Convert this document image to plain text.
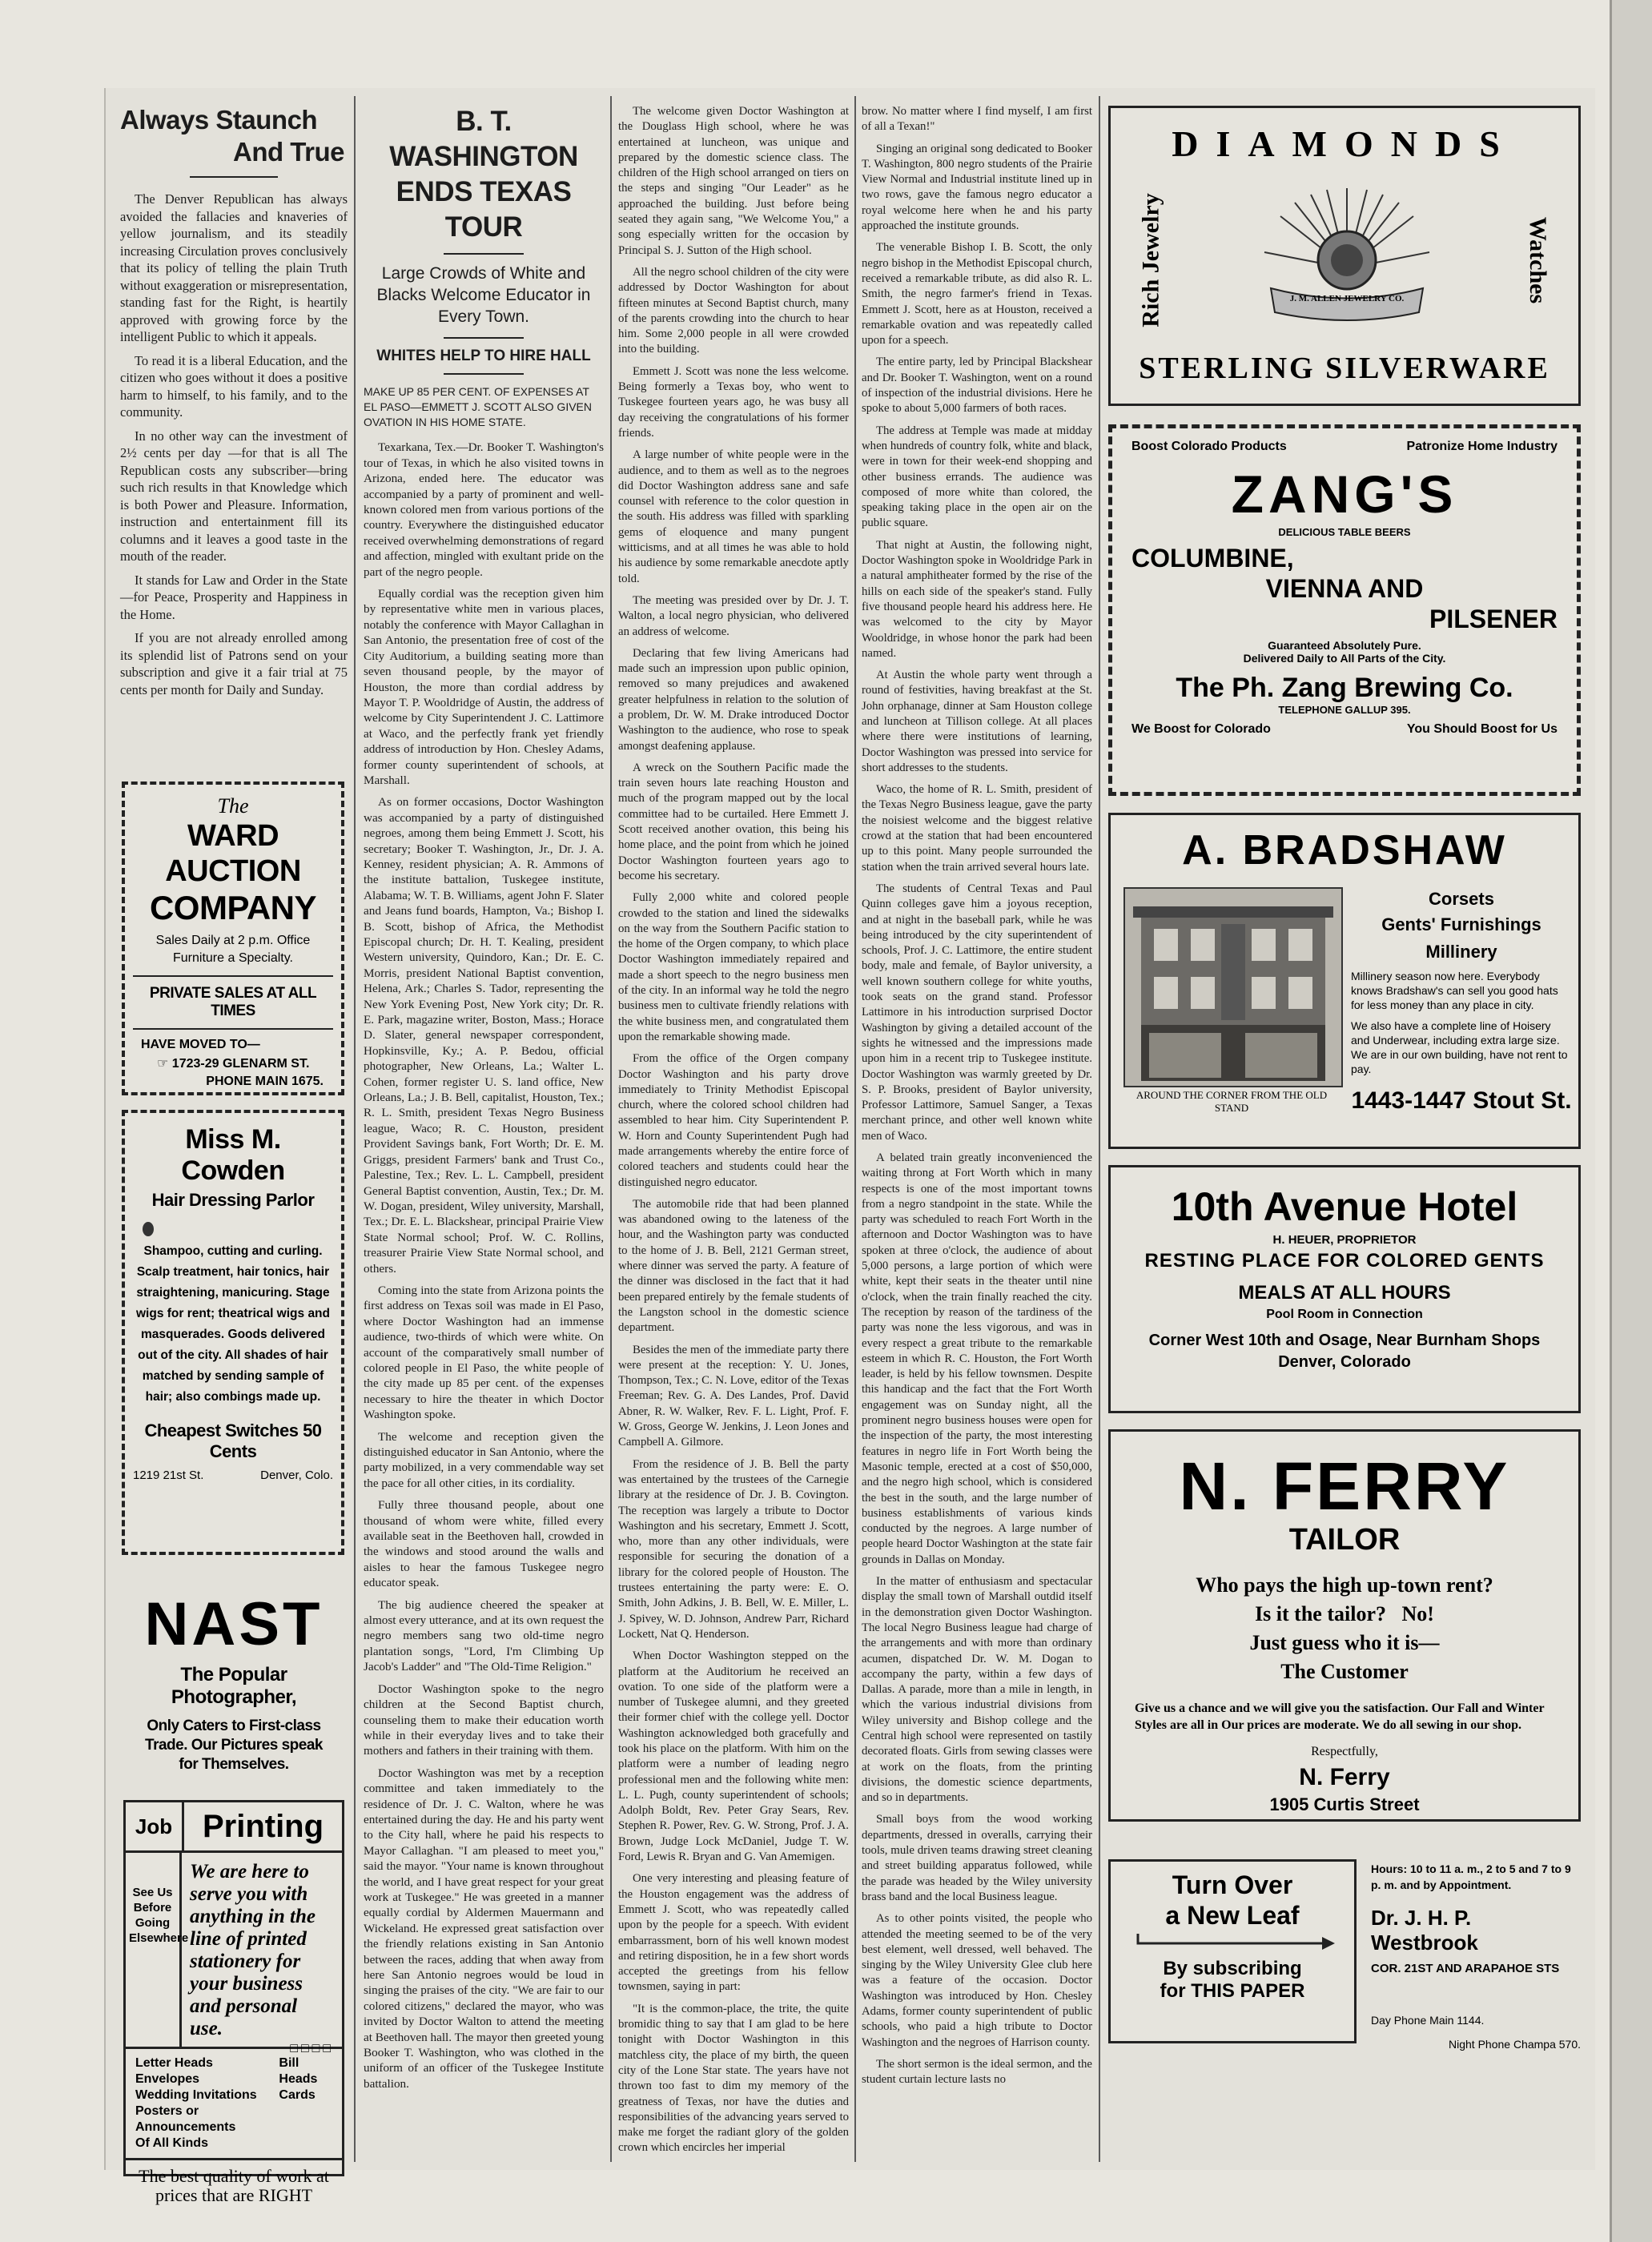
Always Staunch
And True

The Denver Republican has always avoided the fallacies and knaveries of yellow journalism, and its steadily increasing Circulation proves conclusively that its policy of telling the plain Truth without exaggeration or misrepresentation, standing fast for the Right, is heartily approved with growing force by the intelligent Public to which it appeals.

To read it is a liberal Education, and the citizen who goes without it does a positive harm to himself, to his family, and to the community.

In no other way can the investment of 2½ cents per day —for that is all The Republican costs any subscriber—bring such rich results in that Knowledge which is both Power and Pleasure. Information, instruction and entertainment fill its columns and it leaves a good taste in the mouth of the reader.

It stands for Law and Order in the State—for Peace, Prosperity and Happiness in the Home.

If you are not already enrolled among its splendid list of Patrons send on your subscription and give it a fair trial at 75 cents per month for Daily and Sunday.

The
WARD AUCTION
COMPANY
Sales Daily at 2 p.m. Office Furniture a Specialty.
PRIVATE SALES AT ALL TIMES
HAVE MOVED TO—
☞ 1723-29 GLENARM ST.
PHONE MAIN 1675.
Miss M. Cowden
Hair Dressing Parlor
Shampoo, cutting and curling. Scalp treatment, hair tonics, hair straightening, manicuring. Stage wigs for rent; theatrical wigs and masquerades. Goods delivered out of the city. All shades of hair matched by sending sample of hair; also combings made up.
Cheapest Switches 50 Cents
1219 21st St.	Denver, Colo.
NAST
The Popular Photographer,
Only Caters to First-class Trade. Our Pictures speak for Themselves.
Job Printing
See Us Before Going Elsewhere
We are here to serve you with anything in the line of printed stationery for your business and personal use.
□□□□
Letter Heads
Envelopes
Wedding Invitations
Posters or Announcements
Of All Kinds
Bill Heads
Cards
The best quality of work at prices that are RIGHT
B. T. WASHINGTON
ENDS TEXAS TOUR
Large Crowds of White and Blacks Welcome Educator in Every Town.
WHITES HELP TO HIRE HALL
MAKE UP 85 PER CENT. OF EXPENSES AT EL PASO—EMMETT J. SCOTT ALSO GIVEN OVATION IN HIS HOME STATE.

Texarkana, Tex.—Dr. Booker T. Washington's tour of Texas, in which he also visited towns in Arizona, ended here. The educator was accompanied by a party of prominent and well-known colored men from various portions of the country. Everywhere the distinguished educator received overwhelming demonstrations of regard and affection, mingled with exultant pride on the part of the negro people.

Equally cordial was the reception given him by representative white men in various places, notably the conference with Mayor Callaghan in San Antonio, the presentation free of cost of the City Auditorium, a building seating more than seven thousand people, by the mayor of Houston, the more than cordial address by Mayor T. P. Wooldridge of Austin, the address of welcome by City Superintendent J. C. Lattimore at Waco, and the perfectly frank yet friendly address of introduction by Hon. Chesley Adams, former county superintendent of schools, at Marshall.

As on former occasions, Doctor Washington was accompanied by a party of distinguished negroes, among them being Emmett J. Scott, his secretary; Booker T. Washington, Jr., Dr. J. A. Kenney, resident physician; A. R. Ammons of the institute battalion, Tuskegee institute, Alabama; W. T. B. Williams, agent John F. Slater and Jeans fund boards, Hampton, Va.; Bishop I. B. Scott, bishop of Africa, the Methodist Episcopal church; Dr. H. T. Kealing, president Western university, Quindoro, Kan.; Dr. E. C. Morris, president National Baptist convention, Helena, Ark.; Charles S. Tador, representing the New York Evening Post, New York city; Dr. R. E. Park, magazine writer, Boston, Mass.; Horace D. Slater, general newspaper correspondent, Hopkinsville, Ky.; A. P. Bedou, official photographer, New Orleans, La.; Walter L. Cohen, former register U. S. land office, New Orleans, La.; J. B. Bell, capitalist, Houston, Tex.; R. L. Smith, president Texas Negro Business league, Waco; R. C. Houston, president Provident Savings bank, Fort Worth; Dr. E. M. Griggs, president Farmers' bank and Trust Co., Palestine, Tex.; Rev. L. L. Campbell, president General Baptist convention, Austin, Tex.; Dr. M. W. Dogan, president, Wiley university, Marshall, Tex.; Dr. E. L. Blackshear, principal Prairie View State Normal school; Prof. W. C. Rollins, treasurer Prairie View State Normal school, and others.

Coming into the state from Arizona points the first address on Texas soil was made in El Paso, where Doctor Washington had an immense audience, two-thirds of which were white. On account of the comparatively small number of colored people in El Paso, the white people of the city made up 85 per cent. of the expenses necessary to hire the theater in which Doctor Washington spoke.

The welcome and reception given the distinguished educator in San Antonio, where the party mobilized, in a very commendable way set the pace for all other cities, in its cordiality.

Fully three thousand people, about one thousand of whom were white, filled every available seat in the Beethoven hall, crowded in the windows and stood around the walls and aisles to hear the famous Tuskegee negro educator speak.

The big audience cheered the speaker at almost every utterance, and at its own request the negro members sang two old-time negro plantation songs, "Lord, I'm Climbing Up Jacob's Ladder" and "The Old-Time Religion."

Doctor Washington spoke to the negro children at the Second Baptist church, counseling them to make their education worth while in their everyday lives and to take their mothers and fathers in their training with them.

Doctor Washington was met by a reception committee and taken immediately to the residence of Dr. J. C. Walton, where he was entertained during the day. He and his party went to the City hall, where he paid his respects to Mayor Callaghan. "I am pleased to meet you," said the mayor. "Your name is known throughout the world, and I have great respect for your great work at Tuskegee." He was greeted in a manner equally cordial by Aldermen Mauermann and Wickeland. He expressed great satisfaction over the friendly relations existing in San Antonio between the races, adding that when away from here San Antonio negroes would be loud in singing the praises of the city. "We are fair to our colored citizens," declared the mayor, who was invited by Doctor Walton to attend the meeting at Beethoven hall. The mayor then greeted young Booker T. Washington, who was clothed in the uniform of an officer of the Tuskegee Institute battalion.

The welcome given Doctor Washington at the Douglass High school, where he was entertained at luncheon, was unique and prepared by the domestic science class. The children of the High school arranged on tiers on the steps and singing "Our Leader" as he approached the building. Just before being seated they again sang, "We Welcome You," a song especially written for the occasion by Principal S. J. Sutton of the High school.

All the negro school children of the city were addressed by Doctor Washington for about fifteen minutes at Second Baptist church, many of the parents crowding into the church to hear him. Some 2,000 people in all were crowded into the building.

Emmett J. Scott was none the less welcome. Being formerly a Texas boy, who went to Tuskegee fourteen years ago, he was busy all day receiving the congratulations of his former friends.

A large number of white people were in the audience, and to them as well as to the negroes did Doctor Washington address sane and safe counsel with reference to the color question in the south. His address was filled with sparkling gems of eloquence and many pungent witticisms, and at all times he was able to hold his audience by some remarkable anecdote aptly told.

The meeting was presided over by Dr. J. T. Walton, a local negro physician, who delivered an address of welcome.

Declaring that few living Americans had made such an impression upon public opinion, removed so many prejudices and awakened greater helpfulness in relation to the solution of a problem, Dr. W. M. Drake introduced Doctor Washington to the audience, who rose to speak amongst deafening applause.

A wreck on the Southern Pacific made the train seven hours late reaching Houston and much of the program mapped out by the local committee had to be curtailed. Here Emmett J. Scott received another ovation, this being his home place, and the point from which he joined Doctor Washington fourteen years ago to become his secretary.

Fully 2,000 white and colored people crowded to the station and lined the sidewalks on the way from the Southern Pacific station to the home of the Orgen company, to which place Doctor Washington immediately repaired and made a short speech to the negro business men of the city. In an informal way he told the negro business men to cultivate friendly relations with the white business men, and congratulated them upon the remarkable showing made.

From the office of the Orgen company Doctor Washington and his party drove immediately to Trinity Methodist Episcopal church, where the colored school children had assembled to hear him. City Superintendent P. W. Horn and County Superintendent Pugh had made arrangements whereby the entire force of colored teachers and students could hear the distinguished negro educator.

The automobile ride that had been planned was abandoned owing to the lateness of the hour, and the Washington party was conducted to the home of J. B. Bell, 2121 German street, where dinner was served the party. A feature of the dinner was disclosed in the fact that it had been prepared entirely by the female students of the Langston school in the domestic science department.

Besides the men of the immediate party there were present at the reception: Y. U. Jones, Thompson, Tex.; C. N. Love, editor of the Texas Freeman; Rev. G. A. Des Landes, Prof. David Abner, R. W. Walker, Rev. F. L. Light, Prof. F. W. Gross, George W. Jenkins, J. Leon Jones and Campbell A. Gilmore.

From the residence of J. B. Bell the party was entertained by the trustees of the Carnegie library at the residence of Dr. J. B. Covington. The reception was largely a tribute to Doctor Washington and his secretary, Emmett J. Scott, who, more than any other individuals, were responsible for securing the donation of a library for the colored people of Houston. The trustees entertaining the party were: E. O. Smith, John Adkins, J. B. Bell, W. E. Miller, L. J. Spivey, W. D. Johnson, Andrew Parr, Richard Lockett, Nat Q. Henderson.

When Doctor Washington stepped on the platform at the Auditorium he received an ovation. To one side of the platform were a number of Tuskegee alumni, and they greeted their former chief with the college yell. Doctor Washington acknowledged both gracefully and took his place on the platform. With him on the platform were a number of leading negro professional men and the following white men: L. L. Pugh, county superintendent of schools; Adolph Boldt, Rev. Peter Gray Sears, Rev. Stephen R. Power, Rev. G. W. Strong, Prof. J. A. Brown, Judge Lock McDaniel, Judge T. W. Ford, Lewis R. Bryan and G. Van Amemigen.

One very interesting and pleasing feature of the Houston engagement was the address of Emmett J. Scott, who was repeatedly called upon by the people for a speech. With evident embarrassment, born of his well known modest and retiring disposition, he in a few short words accepted the greetings from his fellow townsmen, saying in part:

"It is the common-place, the trite, the quite bromidic thing to say that I am glad to be here tonight with Doctor Washington in this matchless city, the place of my birth, the queen city of the Lone Star state. The years have not thrown too fast to dim my memory of the greatness of Texas, nor have the duties and responsibilities of the advancing years served to make me forget the radiant glory of the golden crown which encircles her imperial

brow. No matter where I find myself, I am first of all a Texan!"

Singing an original song dedicated to Booker T. Washington, 800 negro students of the Prairie View Normal and Industrial institute lined up in two rows, gave the famous negro educator a royal welcome here when he and his party approached the institute grounds.

The venerable Bishop I. B. Scott, the only negro bishop in the Methodist Episcopal church, received a remarkable tribute, as did also R. L. Smith, the negro farmer's friend in Texas. Emmett J. Scott, here as at Houston, received a remarkable ovation and was repeatedly called upon for a speech.

The entire party, led by Principal Blackshear and Dr. Booker T. Washington, went on a round of inspection of the industrial divisions. Here he spoke to about 5,000 farmers of both races.

The address at Temple was made at midday when hundreds of country folk, white and black, were in town for their week-end shopping and other business errands. The audience was composed of more white than colored, the speaking taking place in the open air on the public square.

That night at Austin, the following night, Doctor Washington spoke in Wooldridge Park in a natural amphitheater formed by the rise of the hills on each side of the speaker's stand. Fully five thousand people heard his address here. He was welcomed to the city by Mayor Wooldridge, in whose honor the park had been named.

At Austin the whole party went through a round of festivities, having breakfast at the St. John orphanage, dinner at Sam Houston college and luncheon at Tillison college. At all places where there were institutions of learning, Doctor Washington was pressed into service for short addresses to the students.

Waco, the home of R. L. Smith, president of the Texas Negro Business league, gave the party the noisiest welcome and the biggest relative crowd at the station that had been encountered up to this point. Many people surrounded the station when the train arrived several hours late.

The students of Central Texas and Paul Quinn colleges gave him a joyous reception, and at night in the baseball park, while he was being introduced by the city superintendent of schools, Prof. J. C. Lattimore, the entire student body, male and female, of Baylor university, a well known southern college for white youths, took seats on the grand stand. Professor Lattimore in his introduction surprised Doctor Washington by giving a detailed account of the sights he witnessed and the impressions made upon him in a recent trip to Tuskegee institute. Doctor Washington was warmly greeted by Dr. S. P. Brooks, president of Baylor university, Professor Lattimore, Samuel Sanger, a Texas merchant prince, and other well known white men of Waco.

A belated train greatly inconvenienced the waiting throng at Fort Worth which in many respects is one of the most important towns from a negro standpoint in the state. While the party was scheduled to reach Fort Worth in the afternoon and Doctor Washington was to have spoken at three o'clock, the audience of about 5,000 persons, a large portion of which were white, kept their seats in the theater until nine o'clock, when the train finally reached the city. The reception by reason of the tardiness of the party was none the less vigorous, and was in every respect a great tribute to the remarkable esteem in which R. C. Houston, the Fort Worth leader, is held by his fellow townsmen. Despite this handicap and the fact that the Fort Worth engagement was on Sunday night, all the prominent negro business houses were open for the inspection of the party, the most interesting features in negro life in Fort Worth being the Masonic temple, erected at a cost of $50,000, and the negro high school, which is considered the best in the south, and the large number of business establishments of various kinds conducted by the negroes. A large number of people heard Doctor Washington at the state fair grounds in Dallas on Monday.

In the matter of enthusiasm and spectacular display the small town of Marshall outdid itself in the demonstration given Doctor Washington. The local Negro Business league had charge of the arrangements and with more than ordinary acumen, dispatched Dr. W. M. Dogan to accompany the party, within a few days of Dallas. A parade, more than a mile in length, in which the various industrial divisions from Wiley university and Bishop college and the Central high school were represented on tastily decorated floats. Girls from sewing classes were at work on the floats, from the printing divisions, the domestic science departments, and so in departments.

Small boys from the wood working departments, dressed in overalls, carrying their tools, mule driven teams drawing street cleaning and street building apparatus followed, while the parade was headed by the Wiley university brass band and the local Business league.

As to other points visited, the people who attended the meeting seemed to be of the very best element, well dressed, well behaved. The singing by the Wiley University Glee club here was a feature of the occasion. Doctor Washington was introduced by Hon. Chesley Adams, former county superintendent of public schools, who paid a high tribute to Doctor Washington and the negroes of Harrison county.

The short sermon is the ideal sermon, and the student curtain lecture lasts no

DIAMONDS
Rich Jewelry	Watches
J. M. ALLEN JEWELRY CO.
STERLING SILVERWARE
Boost Colorado Products	Patronize Home Industry
ZANG'S
DELICIOUS TABLE BEERS
COLUMBINE,
VIENNA AND
PILSENER
Guaranteed Absolutely Pure.
Delivered Daily to All Parts of the City.
The Ph. Zang Brewing Co.
TELEPHONE GALLUP 395.
We Boost for Colorado	You Should Boost for Us
A. BRADSHAW
Corsets
Gents' Furnishings
Millinery
Millinery season now here. Everybody knows Bradshaw's can sell you good hats for less money than any place in city.
We also have a complete line of Hoisery and Underwear, including extra large size. We are in our own building, have not rent to pay.
AROUND THE CORNER FROM THE OLD STAND	1443-1447 Stout St.
10th Avenue Hotel
H. HEUER, PROPRIETOR
RESTING PLACE FOR COLORED GENTS
MEALS AT ALL HOURS
Pool Room in Connection
Corner West 10th and Osage, Near Burnham Shops
Denver, Colorado
N. FERRY
TAILOR
Who pays the high up-town rent?
Is it the tailor?   No!
Just guess who it is—
The Customer
Give us a chance and we will give you the satisfaction. Our Fall and Winter Styles are all in Our prices are moderate. We do all sewing in our shop.
Respectfully,
N. Ferry
1905 Curtis Street
Turn Over
a New Leaf
By subscribing
for THIS PAPER
Hours: 10 to 11 a. m., 2 to 5 and 7 to 9 p. m. and by Appointment.
Dr. J. H. P. Westbrook
COR. 21ST AND ARAPAHOE STS
Day Phone Main 1144.
Night Phone Champa 570.
